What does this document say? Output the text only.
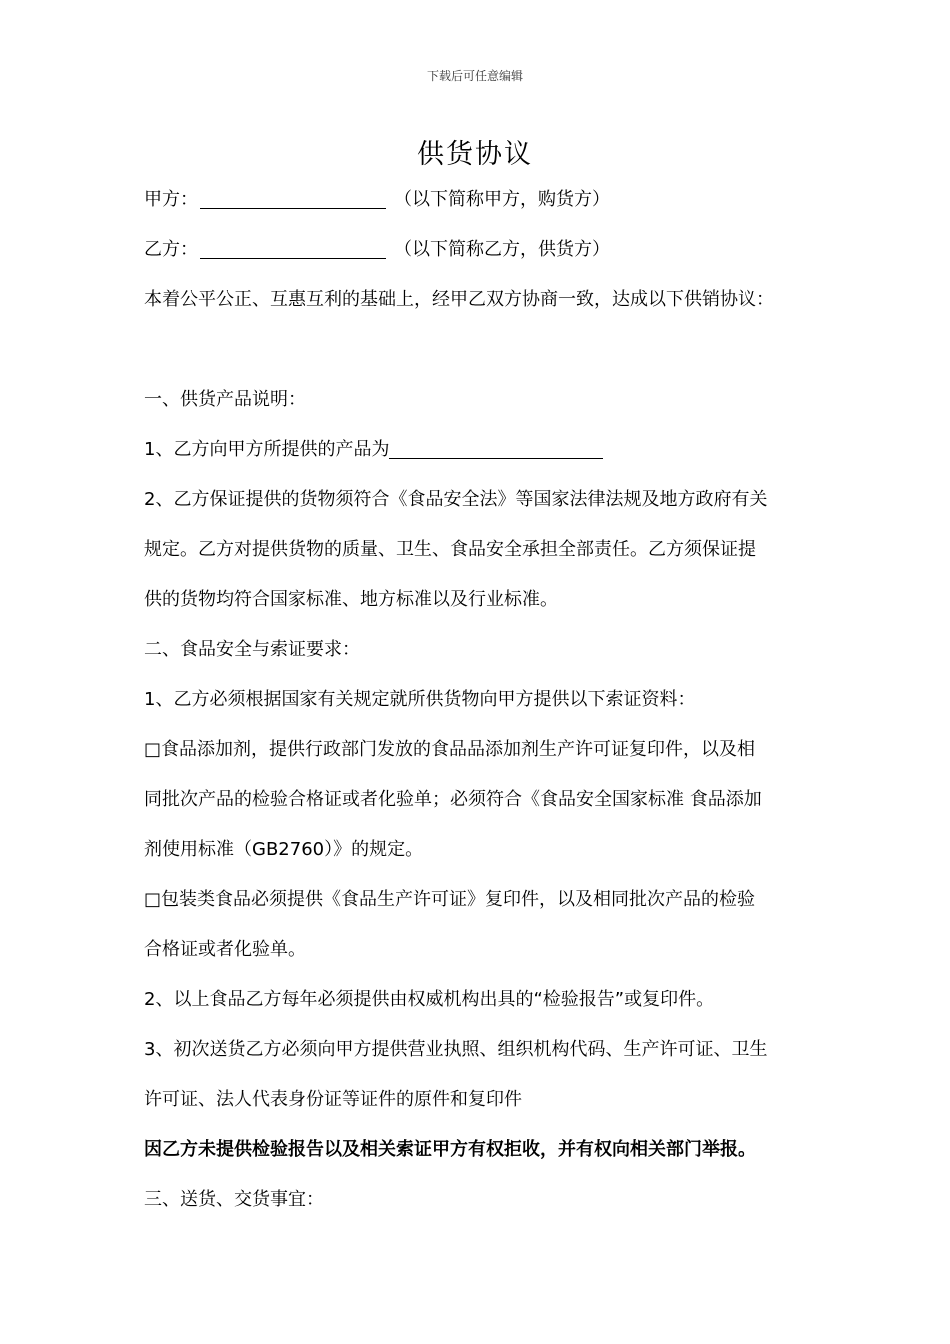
下载后可任意编辑
供货协议
甲方：	（以下简称甲方，购货方）
乙方：	（以下简称乙方，供货方）
本着公平公正、互惠互利的基础上，经甲乙双方协商一致，达成以下供销协议：
一、供货产品说明：
1、乙方向甲方所提供的产品为
2、乙方保证提供的货物须符合《食品安全法》等国家法律法规及地方政府有关
规定。乙方对提供货物的质量、卫生、食品安全承担全部责任。乙方须保证提
供的货物均符合国家标准、地方标准以及行业标准。
二、食品安全与索证要求：
1、乙方必须根据国家有关规定就所供货物向甲方提供以下索证资料：
□食品添加剂，提供行政部门发放的食品品添加剂生产许可证复印件，以及相
同批次产品的检验合格证或者化验单；必须符合《食品安全国家标准 食品添加
剂使用标准（GB2760）》的规定。
□包装类食品必须提供《食品生产许可证》复印件，以及相同批次产品的检验
合格证或者化验单。
2、以上食品乙方每年必须提供由权威机构出具的“检验报告”或复印件。
3、初次送货乙方必须向甲方提供营业执照、组织机构代码、生产许可证、卫生
许可证、法人代表身份证等证件的原件和复印件
因乙方未提供检验报告以及相关索证甲方有权拒收，并有权向相关部门举报。
三、送货、交货事宜：
